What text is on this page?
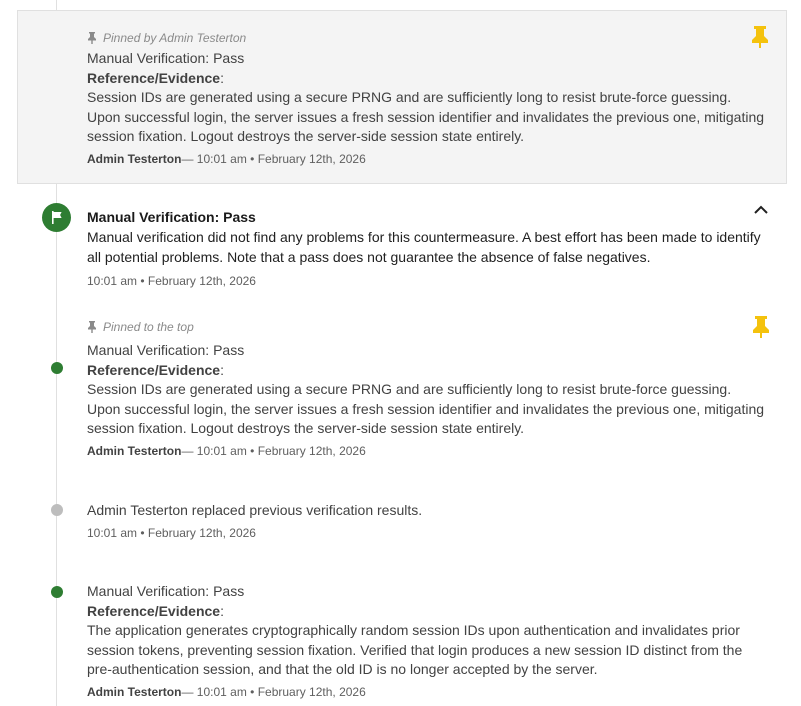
Pinned by Admin Testerton
Manual Verification: Pass
Reference/Evidence:
Session IDs are generated using a secure PRNG and are sufficiently long to resist brute-force guessing. Upon successful login, the server issues a fresh session identifier and invalidates the previous one, mitigating session fixation. Logout destroys the server-side session state entirely.
Admin Testerton— 10:01 am • February 12th, 2026
Manual Verification: Pass
Manual verification did not find any problems for this countermeasure. A best effort has been made to identify all potential problems. Note that a pass does not guarantee the absence of false negatives.
10:01 am • February 12th, 2026
Pinned to the top
Manual Verification: Pass
Reference/Evidence:
Session IDs are generated using a secure PRNG and are sufficiently long to resist brute-force guessing. Upon successful login, the server issues a fresh session identifier and invalidates the previous one, mitigating session fixation. Logout destroys the server-side session state entirely.
Admin Testerton— 10:01 am • February 12th, 2026
Admin Testerton replaced previous verification results.
10:01 am • February 12th, 2026
Manual Verification: Pass
Reference/Evidence:
The application generates cryptographically random session IDs upon authentication and invalidates prior session tokens, preventing session fixation. Verified that login produces a new session ID distinct from the pre-authentication session, and that the old ID is no longer accepted by the server.
Admin Testerton— 10:01 am • February 12th, 2026
